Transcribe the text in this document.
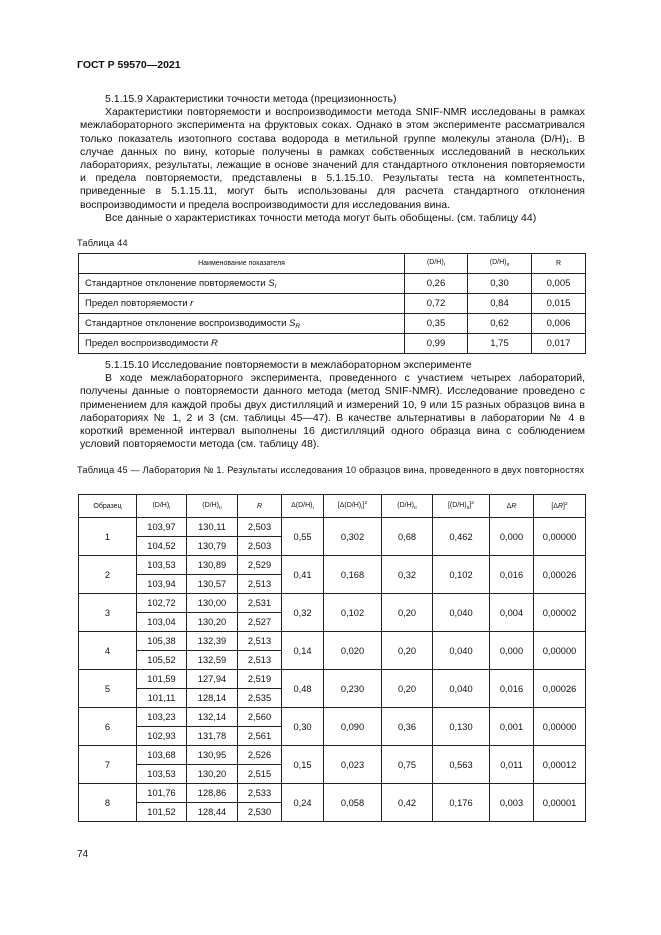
ГОСТ Р 59570—2021

5.1.15.9 Характеристики точности метода (прецизионность)

Характеристики повторяемости и воспроизводимости метода SNIF-NMR исследованы в рамках межлабораторного эксперимента на фруктовых соках. Однако в этом эксперименте рассматривался только показатель изотопного состава водорода в метильной группе молекулы этанола (D/H)₁. В случае данных по вину, которые получены в рамках собственных исследований в нескольких лабораториях, результаты, лежащие в основе значений для стандартного отклонения повторяемости и предела повторяемости, представлены в 5.1.15.10. Результаты теста на компетентность, приведенные в 5.1.15.11, могут быть использованы для расчета стандартного отклонения воспроизводимости и предела воспроизводимости для исследования вина.

Все данные о характеристиках точности метода могут быть обобщены. (см. таблицу 44)

Таблица 44
Наименование показателя	$(D/H)_I$	$(D/H)_{II}$	R
Стандартное отклонение повторяемости $S_r$	0,26	0,30	0,005
Предел повторяемости r	0,72	0,84	0,015
Стандартное отклонение воспроизводимости $S_R$	0,35	0,62	0,006
Предел воспроизводимости R	0,99	1,75	0,017

5.1.15.10 Исследование повторяемости в межлабораторном эксперименте

В ходе межлабораторного эксперимента, проведенного с участием четырех лабораторий, получены данные о повторяемости данного метода (метод SNIF-NMR). Исследование проведено с применением для каждой пробы двух дистилляций и измерений 10, 9 или 15 разных образцов вина в лабораториях № 1, 2 и 3 (см. таблицы 45—47). В качестве альтернативы в лаборатории № 4 в короткий временной интервал выполнены 16 дистилляций одного образца вина с соблюдением условий повторяемости метода (см. таблицу 48).

Таблица 45 — Лаборатория № 1. Результаты исследования 10 образцов вина, проведенного в двух повторностях
Образец	$(D/H)_I$	$(D/H)_{II}$	R	$\Delta(D/H)_I$	$[\Delta(D/H)_I]^2$	$(D/H)_{II}$	$[(D/H)_{II}]^2$	ΔR	$[\Delta R]^2$
1	103,97	130,11	2,503	0,55	0,302	0,68	0,462	0,000	0,00000
	104,52	130,79	2,503						
2	103,53	130,89	2,529	0,41	0,168	0,32	0,102	0,016	0,00026
	103,94	130,57	2,513						
3	102,72	130,00	2,531	0,32	0,102	0,20	0,040	0,004	0,00002
	103,04	130,20	2,527						
4	105,38	132,39	2,513	0,14	0,020	0,20	0,040	0,000	0,00000
	105,52	132,59	2,513						
5	101,59	127,94	2,519	0,48	0,230	0,20	0,040	0,016	0,00026
	101,11	128,14	2,535						
6	103,23	132,14	2,560	0,30	0,090	0,36	0,130	0,001	0,00000
	102,93	131,78	2,561						
7	103,68	130,95	2,526	0,15	0,023	0,75	0,563	0,011	0,00012
	103,53	130,20	2,515						
8	101,76	128,86	2,533	0,24	0,058	0,42	0,176	0,003	0,00001
	101,52	128,44	2,530						
74
